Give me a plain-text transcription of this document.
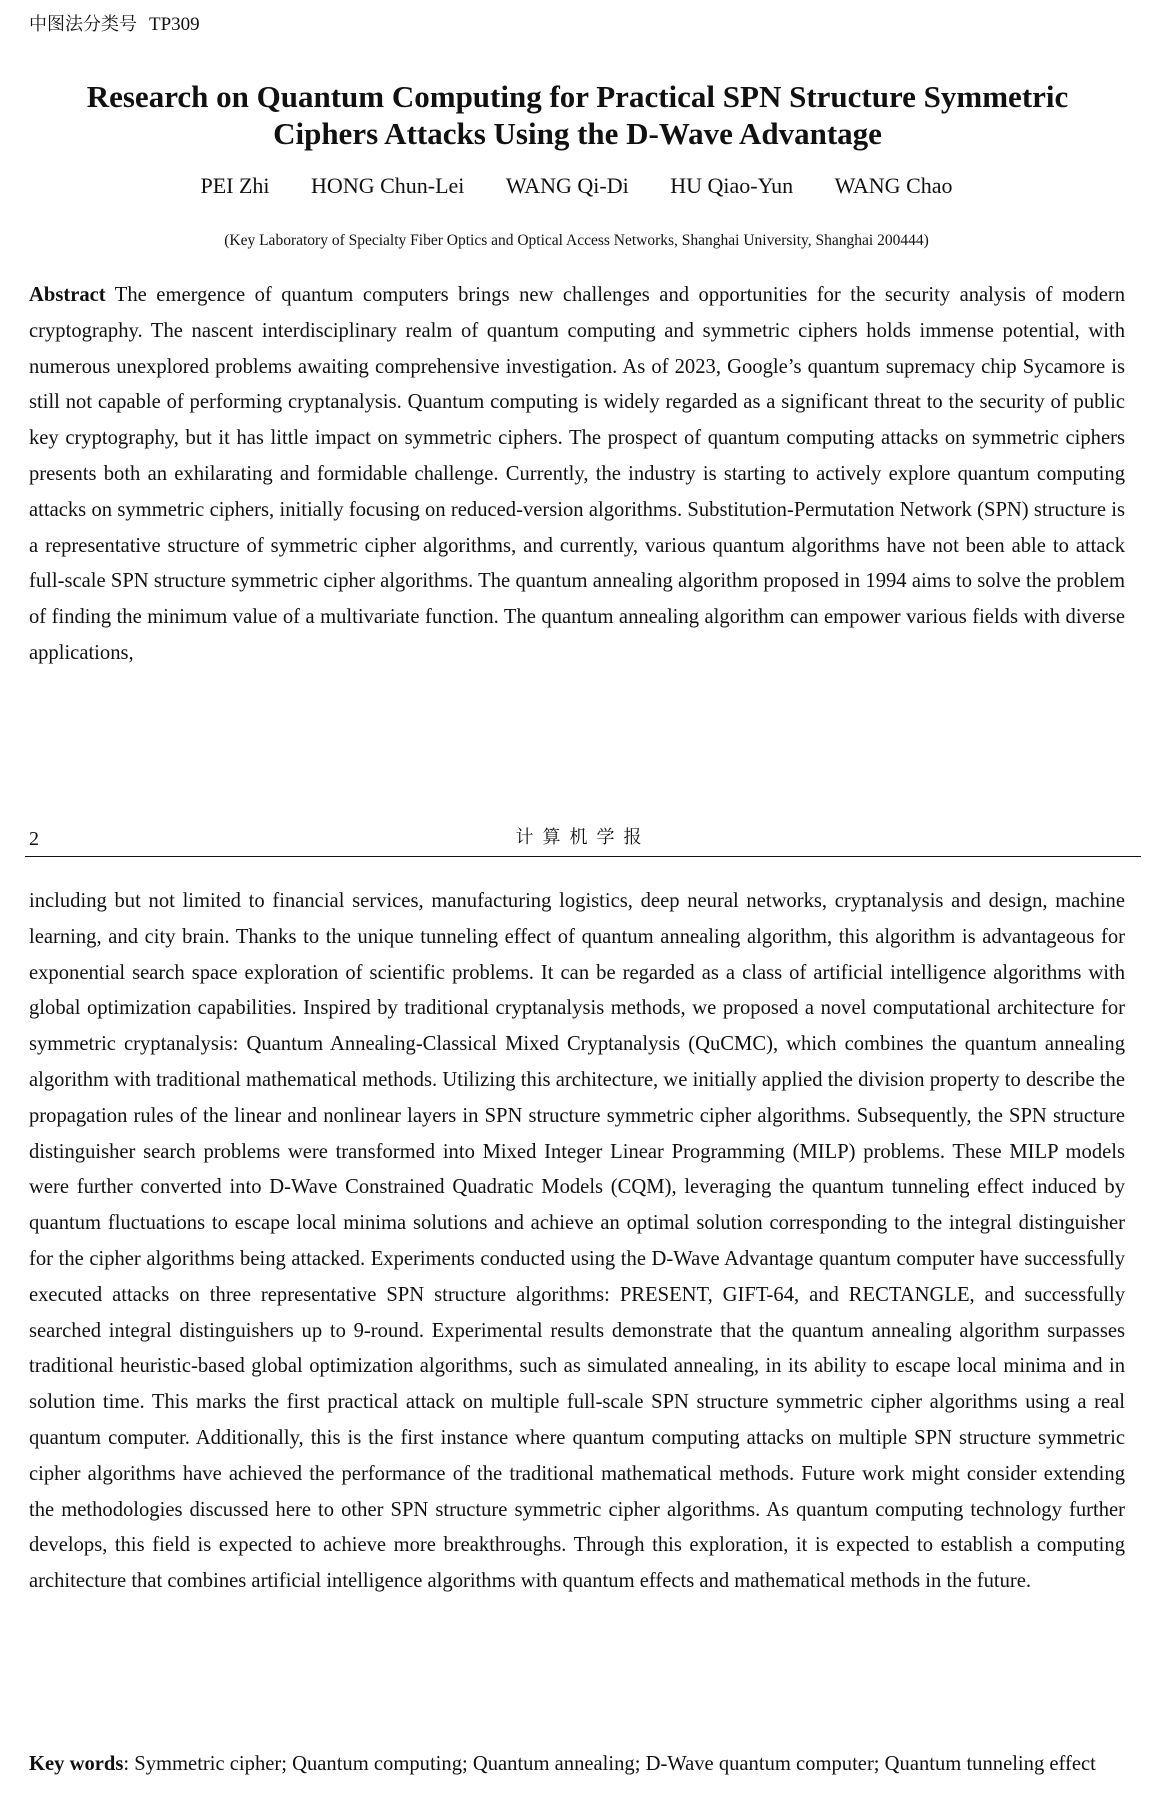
中图法分类号 TP309
Research on Quantum Computing for Practical SPN Structure Symmetric Ciphers Attacks Using the D-Wave Advantage
PEI Zhi HONG Chun-Lei WANG Qi-Di HU Qiao-Yun WANG Chao
(Key Laboratory of Specialty Fiber Optics and Optical Access Networks, Shanghai University, Shanghai 200444)

Abstract The emergence of quantum computers brings new challenges and opportunities for the security analysis of modern cryptography. The nascent interdisciplinary realm of quantum computing and symmetric ciphers holds immense potential, with numerous unexplored problems awaiting comprehensive investigation. As of 2023, Google’s quantum supremacy chip Sycamore is still not capable of performing cryptanalysis. Quantum computing is widely regarded as a significant threat to the security of public key cryptography, but it has little impact on symmetric ciphers. The prospect of quantum computing attacks on symmetric ciphers presents both an exhilarating and formidable challenge. Currently, the industry is starting to actively explore quantum computing attacks on symmetric ciphers, initially focusing on reduced-version algorithms. Substitution-Permutation Network (SPN) structure is a representative structure of symmetric cipher algorithms, and currently, various quantum algorithms have not been able to attack full-scale SPN structure symmetric cipher algorithms. The quantum annealing algorithm proposed in 1994 aims to solve the problem of finding the minimum value of a multivariate function. The quantum annealing algorithm can empower various fields with diverse applications,

2	计算机学报

including but not limited to financial services, manufacturing logistics, deep neural networks, cryptanalysis and design, machine learning, and city brain. Thanks to the unique tunneling effect of quantum annealing algorithm, this algorithm is advantageous for exponential search space exploration of scientific problems. It can be regarded as a class of artificial intelligence algorithms with global optimization capabilities. Inspired by traditional cryptanalysis methods, we proposed a novel computational architecture for symmetric cryptanalysis: Quantum Annealing-Classical Mixed Cryptanalysis (QuCMC), which combines the quantum annealing algorithm with traditional mathematical methods. Utilizing this architecture, we initially applied the division property to describe the propagation rules of the linear and nonlinear layers in SPN structure symmetric cipher algorithms. Subsequently, the SPN structure distinguisher search problems were transformed into Mixed Integer Linear Programming (MILP) problems. These MILP models were further converted into D-Wave Constrained Quadratic Models (CQM), leveraging the quantum tunneling effect induced by quantum fluctuations to escape local minima solutions and achieve an optimal solution corresponding to the integral distinguisher for the cipher algorithms being attacked. Experiments conducted using the D-Wave Advantage quantum computer have successfully executed attacks on three representative SPN structure algorithms: PRESENT, GIFT-64, and RECTANGLE, and successfully searched integral distinguishers up to 9-round. Experimental results demonstrate that the quantum annealing algorithm surpasses traditional heuristic-based global optimization algorithms, such as simulated annealing, in its ability to escape local minima and in solution time. This marks the first practical attack on multiple full-scale SPN structure symmetric cipher algorithms using a real quantum computer. Additionally, this is the first instance where quantum computing attacks on multiple SPN structure symmetric cipher algorithms have achieved the performance of the traditional mathematical methods. Future work might consider extending the methodologies discussed here to other SPN structure symmetric cipher algorithms. As quantum computing technology further develops, this field is expected to achieve more breakthroughs. Through this exploration, it is expected to establish a computing architecture that combines artificial intelligence algorithms with quantum effects and mathematical methods in the future.

Key words: Symmetric cipher; Quantum computing; Quantum annealing; D-Wave quantum computer; Quantum tunneling effect
